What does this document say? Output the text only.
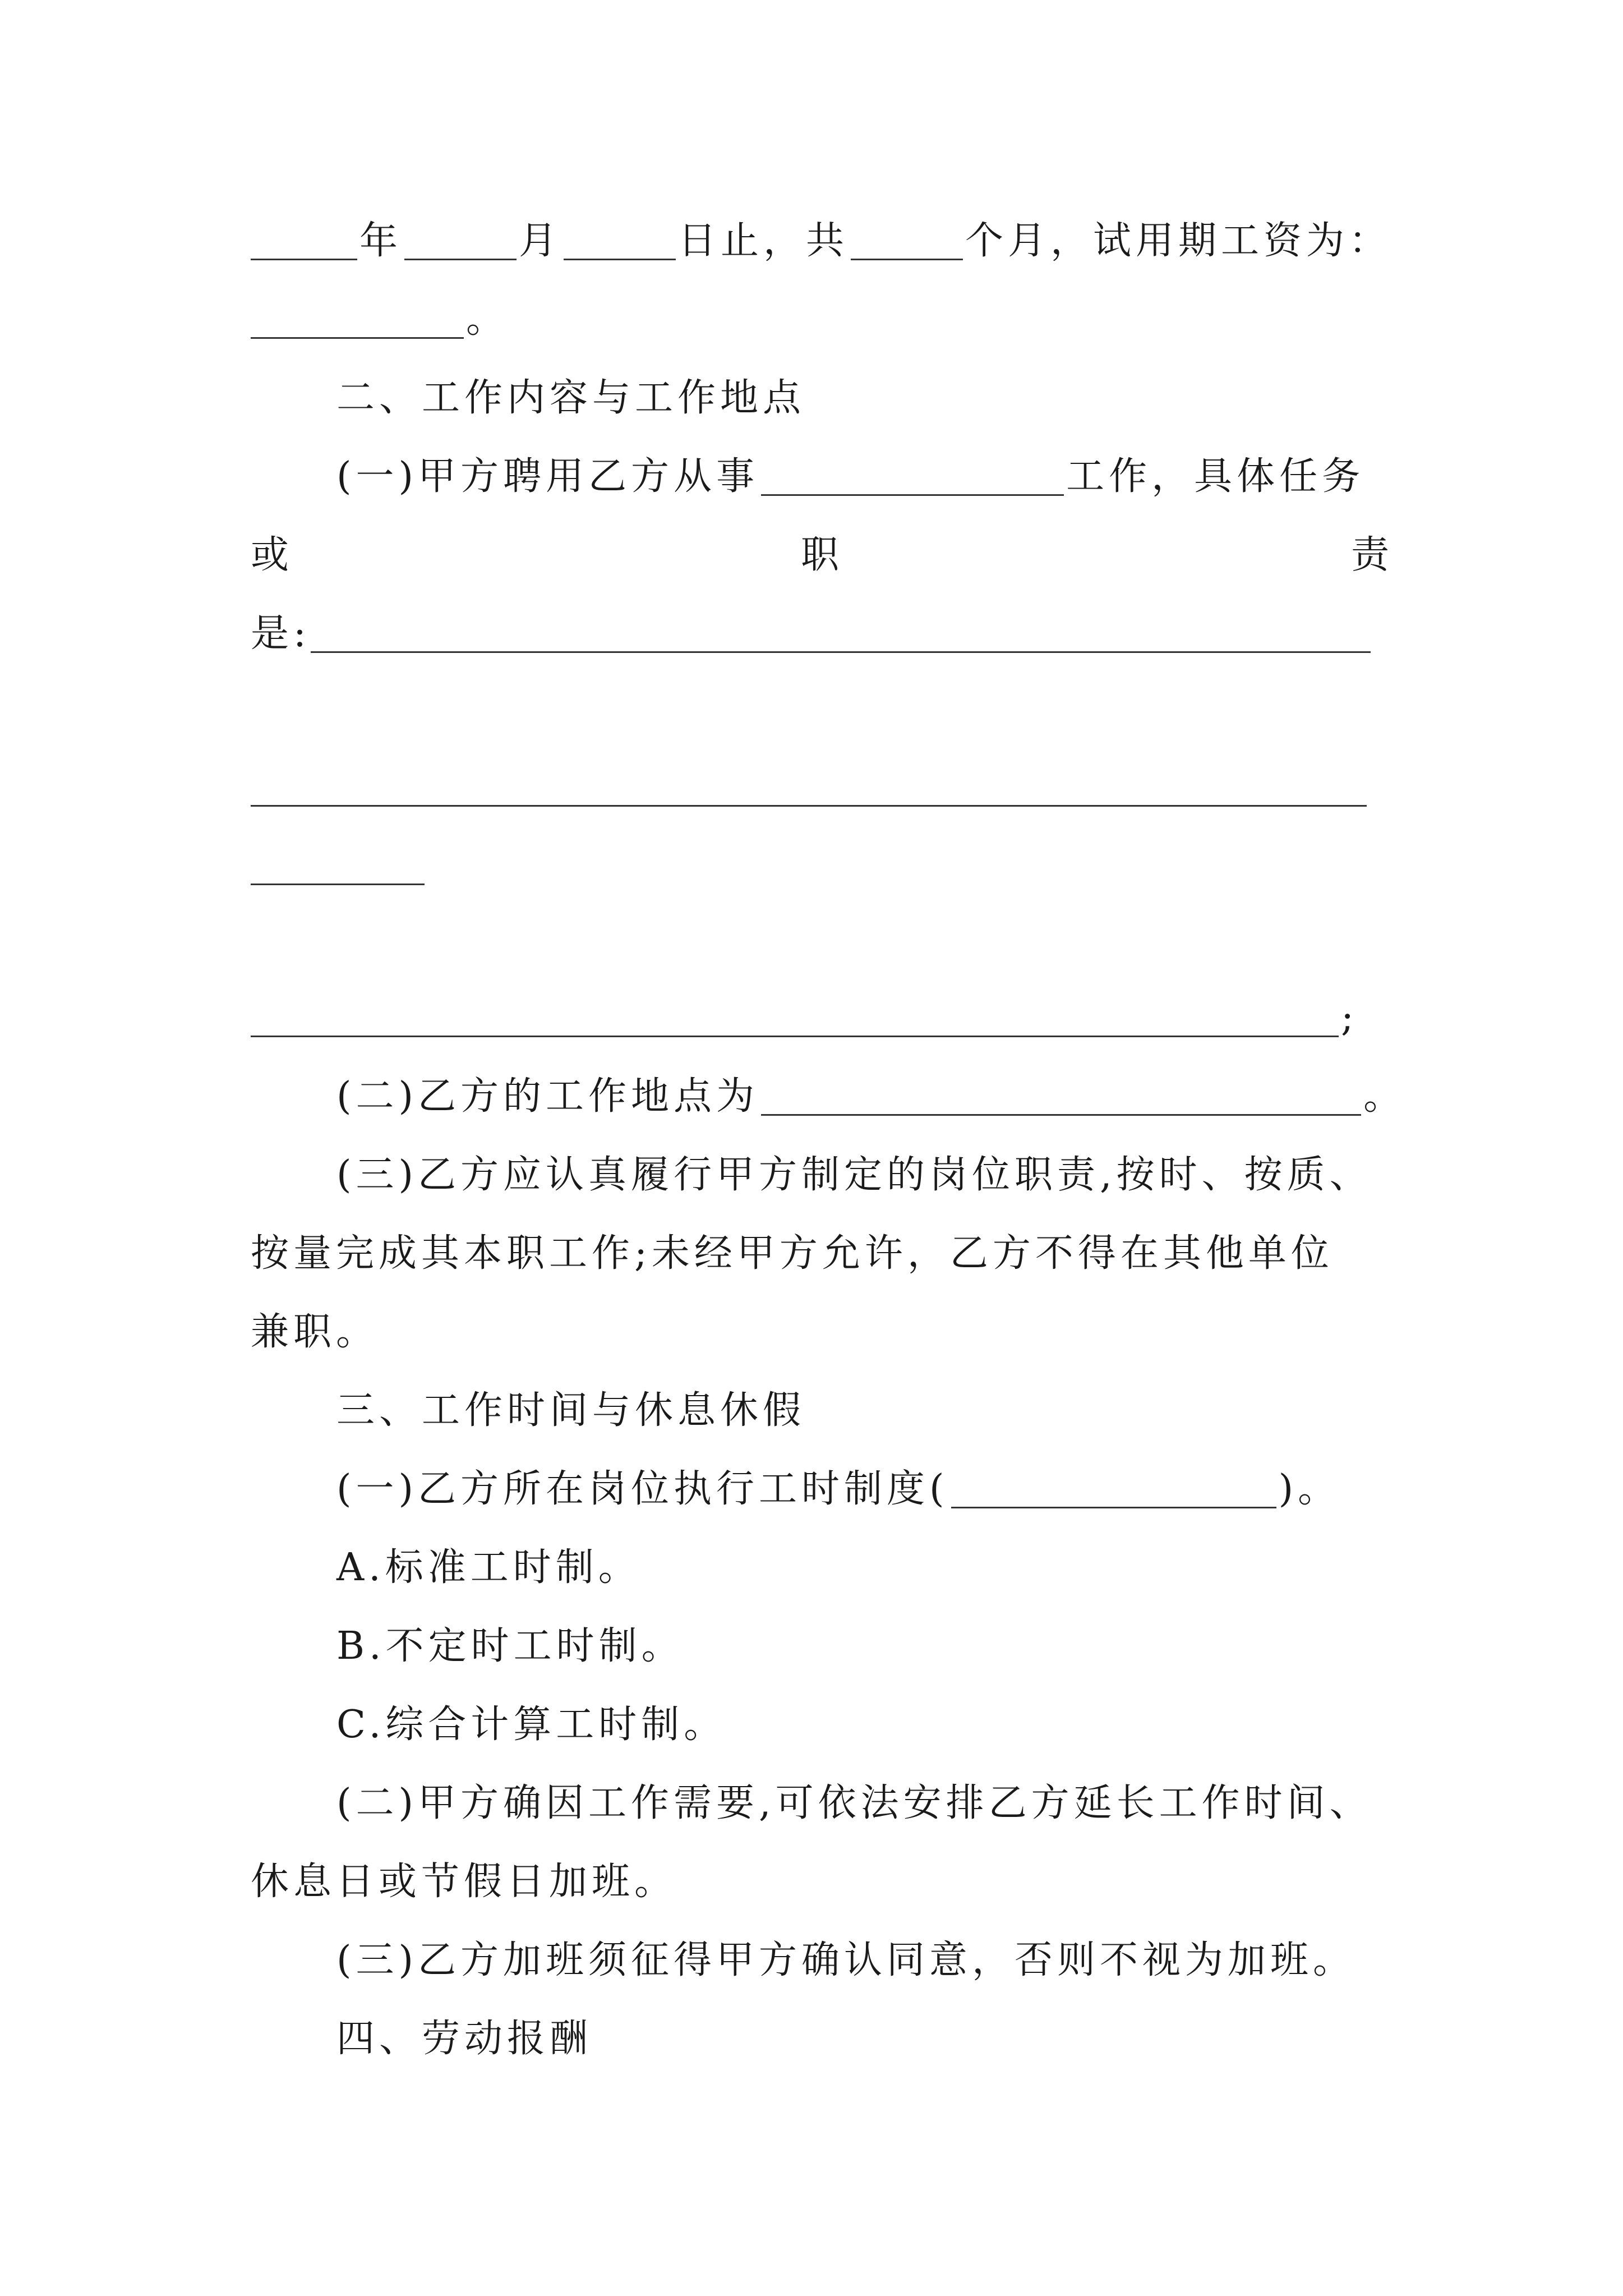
年	月	日止，共	个月，试用期工资为：
。
二、工作内容与工作地点
(一)甲方聘用乙方从事	工作，具体任务
或	职	责
是:
;
(二)乙方的工作地点为	。
(三)乙方应认真履行甲方制定的岗位职责,按时、按质、
按量完成其本职工作;未经甲方允许，乙方不得在其他单位
兼职。
三、工作时间与休息休假
(一)乙方所在岗位执行工时制度(	)。
A.标准工时制。
B.不定时工时制。
C.综合计算工时制。
(二)甲方确因工作需要,可依法安排乙方延长工作时间、
休息日或节假日加班。
(三)乙方加班须征得甲方确认同意，否则不视为加班。
四、劳动报酬
